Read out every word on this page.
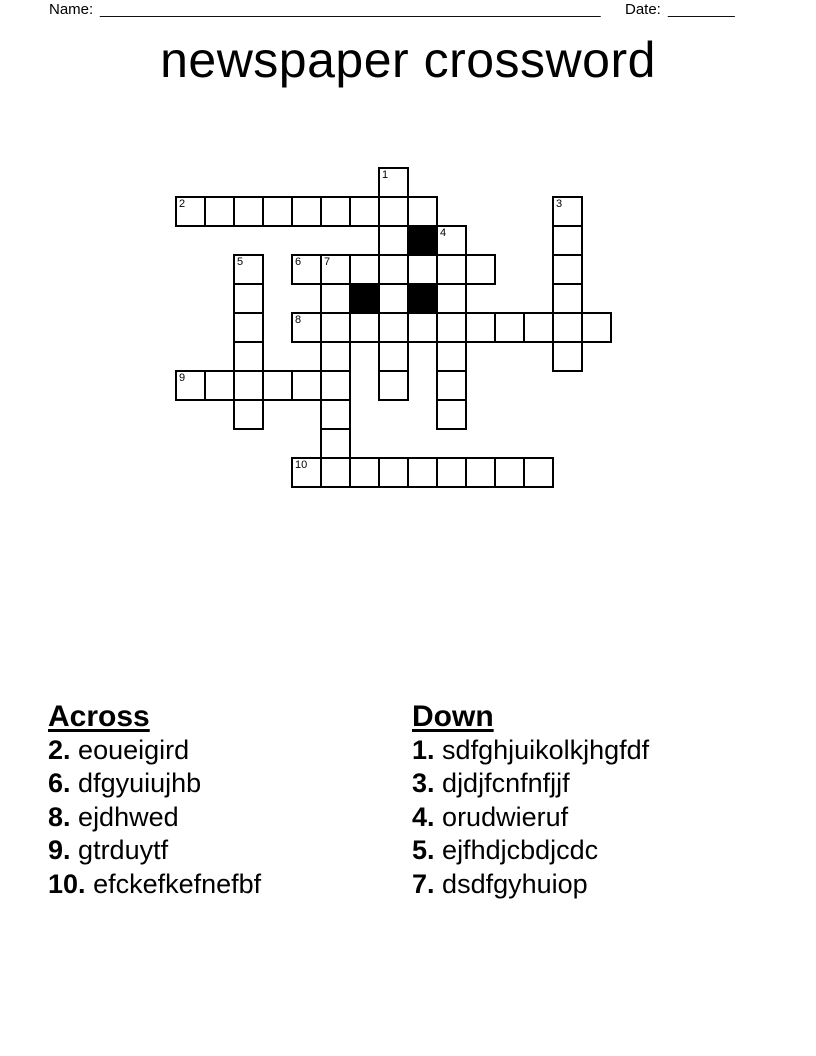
Name: ____________________________________________________________ Date: ________
newspaper crossword
1
2	3
4
5	6 7
8
9
10
Across
2. eoueigird
6. dfgyuiujhb
8. ejdhwed
9. gtrduytf
10. efckefkefnefbf
Down
1. sdfghjuikolkjhgfdf
3. djdjfcnfnfjjf
4. orudwieruf
5. ejfhdjcbdjcdc
7. dsdfgyhuiop
